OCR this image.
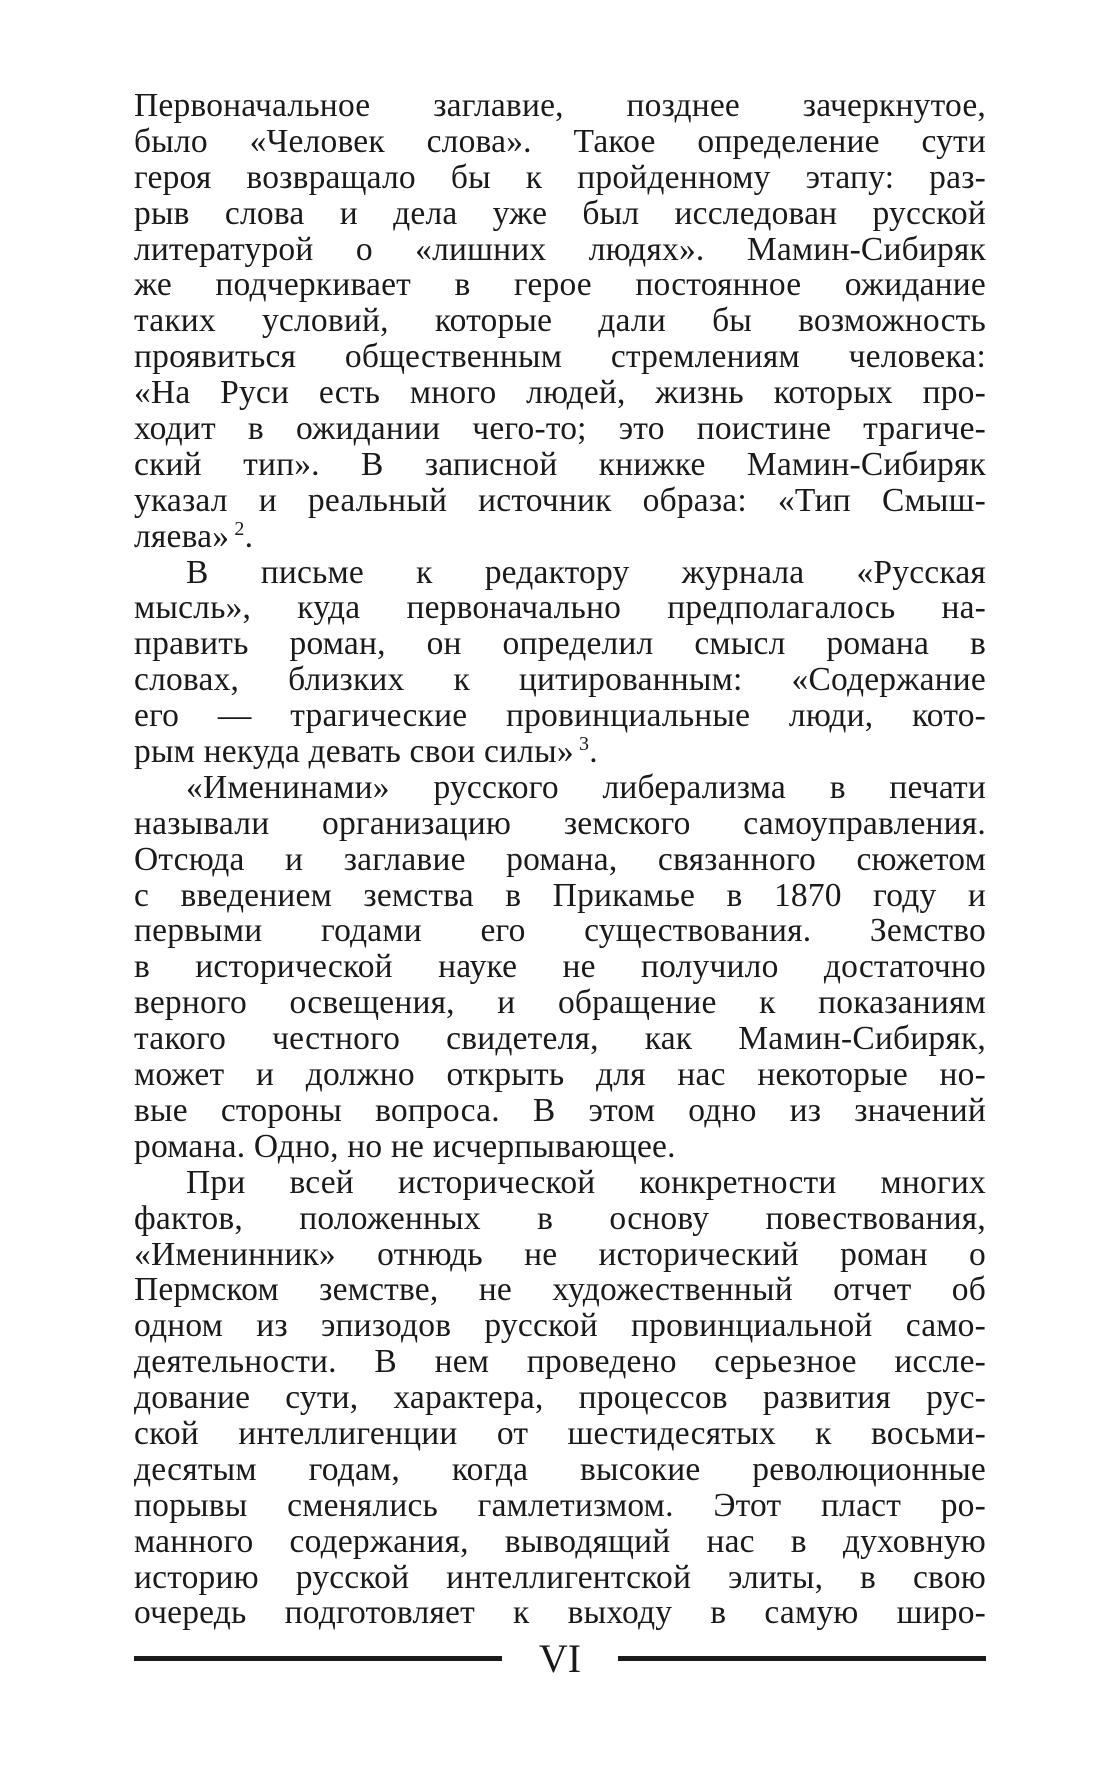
Первоначальное заглавие, позднее зачеркнутое,
было «Человек слова». Такое определение сути
героя возвращало бы к пройденному этапу: раз-
рыв слова и дела уже был исследован русской
литературой о «лишних людях». Мамин-Сибиряк
же подчеркивает в герое постоянное ожидание
таких условий, которые дали бы возможность
проявиться общественным стремлениям человека:
«На Руси есть много людей, жизнь которых про-
ходит в ожидании чего-то; это поистине трагиче-
ский тип». В записной книжке Мамин-Сибиряк
указал и реальный источник образа: «Тип Смыш-
ляева» $^2$.
В письме к редактору журнала «Русская
мысль», куда первоначально предполагалось на-
править роман, он определил смысл романа в
словах, близких к цитированным: «Содержание
его — трагические провинциальные люди, кото-
рым некуда девать свои силы» $^3$.
«Именинами» русского либерализма в печати
называли организацию земского самоуправления.
Отсюда и заглавие романа, связанного сюжетом
с введением земства в Прикамье в 1870 году и
первыми годами его существования. Земство
в исторической науке не получило достаточно
верного освещения, и обращение к показаниям
такого честного свидетеля, как Мамин-Сибиряк,
может и должно открыть для нас некоторые но-
вые стороны вопроса. В этом одно из значений
романа. Одно, но не исчерпывающее.
При всей исторической конкретности многих
фактов, положенных в основу повествования,
«Именинник» отнюдь не исторический роман о
Пермском земстве, не художественный отчет об
одном из эпизодов русской провинциальной само-
деятельности. В нем проведено серьезное иссле-
дование сути, характера, процессов развития рус-
ской интеллигенции от шестидесятых к восьми-
десятым годам, когда высокие революционные
порывы сменялись гамлетизмом. Этот пласт ро-
манного содержания, выводящий нас в духовную
историю русской интеллигентской элиты, в свою
очередь подготовляет к выходу в самую широ-
VI
